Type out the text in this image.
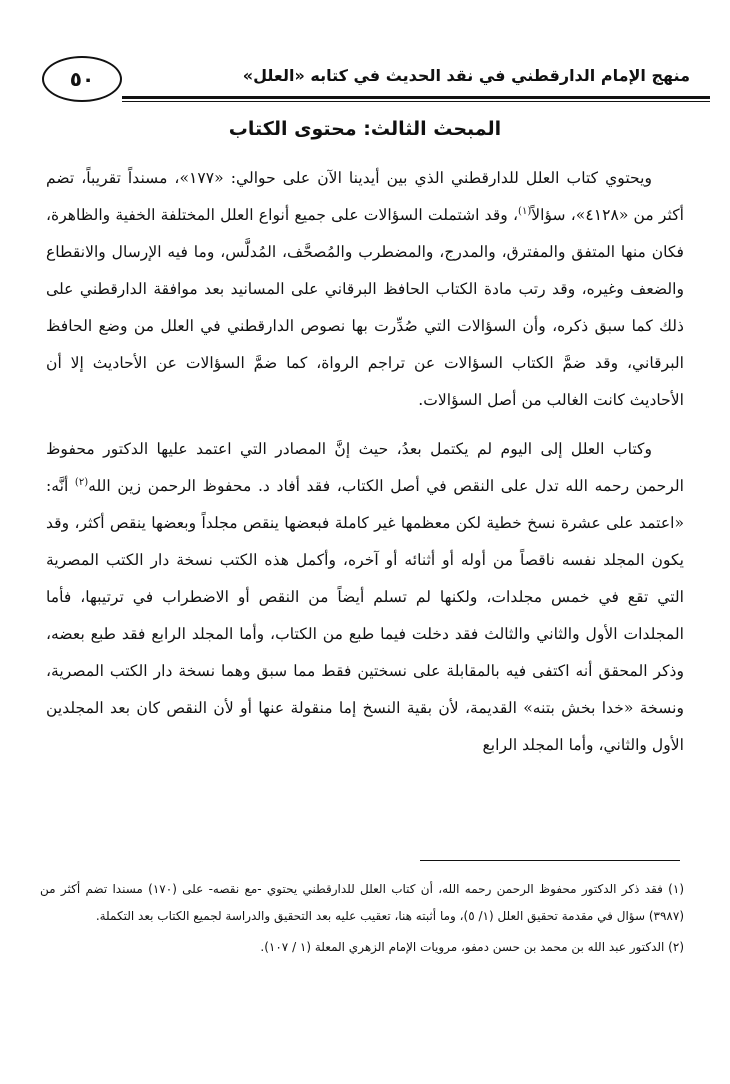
٥٠	منهج الإمام الدارقطني في نقد الحديث في كتابه «العلل»
المبحث الثالث: محتوى الكتاب

ويحتوي كتاب العلل للدارقطني الذي بين أيدينا الآن على حوالي: «١٧٧»، مسنداً تقريباً، تضم أكثر من «٤١٢٨»، سؤالاً$^{(١)}$، وقد اشتملت السؤالات على جميع أنواع العلل المختلفة الخفية والظاهرة، فكان منها المتفق والمفترق، والمدرج، والمضطرب والمُصحَّف، المُدلَّس، وما فيه الإرسال والانقطاع والضعف وغيره، وقد رتب مادة الكتاب الحافظ البرقاني على المسانيد بعد موافقة الدارقطني على ذلك كما سبق ذكره، وأن السؤالات التي صُدِّرت بها نصوص الدارقطني في العلل من وضع الحافظ البرقاني، وقد ضمَّ الكتاب السؤالات عن تراجم الرواة، كما ضمَّ السؤالات عن الأحاديث إلا أن الأحاديث كانت الغالب من أصل السؤالات.

وكتاب العلل إلى اليوم لم يكتمل بعدُ، حيث إنَّ المصادر التي اعتمد عليها الدكتور محفوظ الرحمن رحمه الله تدل على النقص في أصل الكتاب، فقد أفاد د. محفوظ الرحمن زين الله$^{(٢)}$ أنَّه: «اعتمد على عشرة نسخ خطية لكن معظمها غير كاملة فبعضها ينقص مجلداً وبعضها ينقص أكثر، وقد يكون المجلد نفسه ناقصاً من أوله أو أثنائه أو آخره، وأكمل هذه الكتب نسخة دار الكتب المصرية التي تقع في خمس مجلدات، ولكنها لم تسلم أيضاً من النقص أو الاضطراب في ترتيبها، فأما المجلدات الأول والثاني والثالث فقد دخلت فيما طبع من الكتاب، وأما المجلد الرابع فقد طبع بعضه، وذكر المحقق أنه اكتفى فيه بالمقابلة على نسختين فقط مما سبق وهما نسخة دار الكتب المصرية، ونسخة «خدا بخش بتنه» القديمة، لأن بقية النسخ إما منقولة عنها أو لأن النقص كان بعد المجلدين الأول والثاني، وأما المجلد الرابع

(١) فقد ذكر الدكتور محفوظ الرحمن رحمه الله، أن كتاب العلل للدارقطني يحتوي -مع نقصه- على (١٧٠) مسندا تضم أكثر من (٣٩٨٧) سؤال في مقدمة تحقيق العلل (١/ ٥)، وما أثبته هنا، تعقيب عليه بعد التحقيق والدراسة لجميع الكتاب بعد التكملة.

(٢) الدكتور عبد الله بن محمد بن حسن دمفو، مرويات الإمام الزهري المعلة (١ / ١٠٧).
